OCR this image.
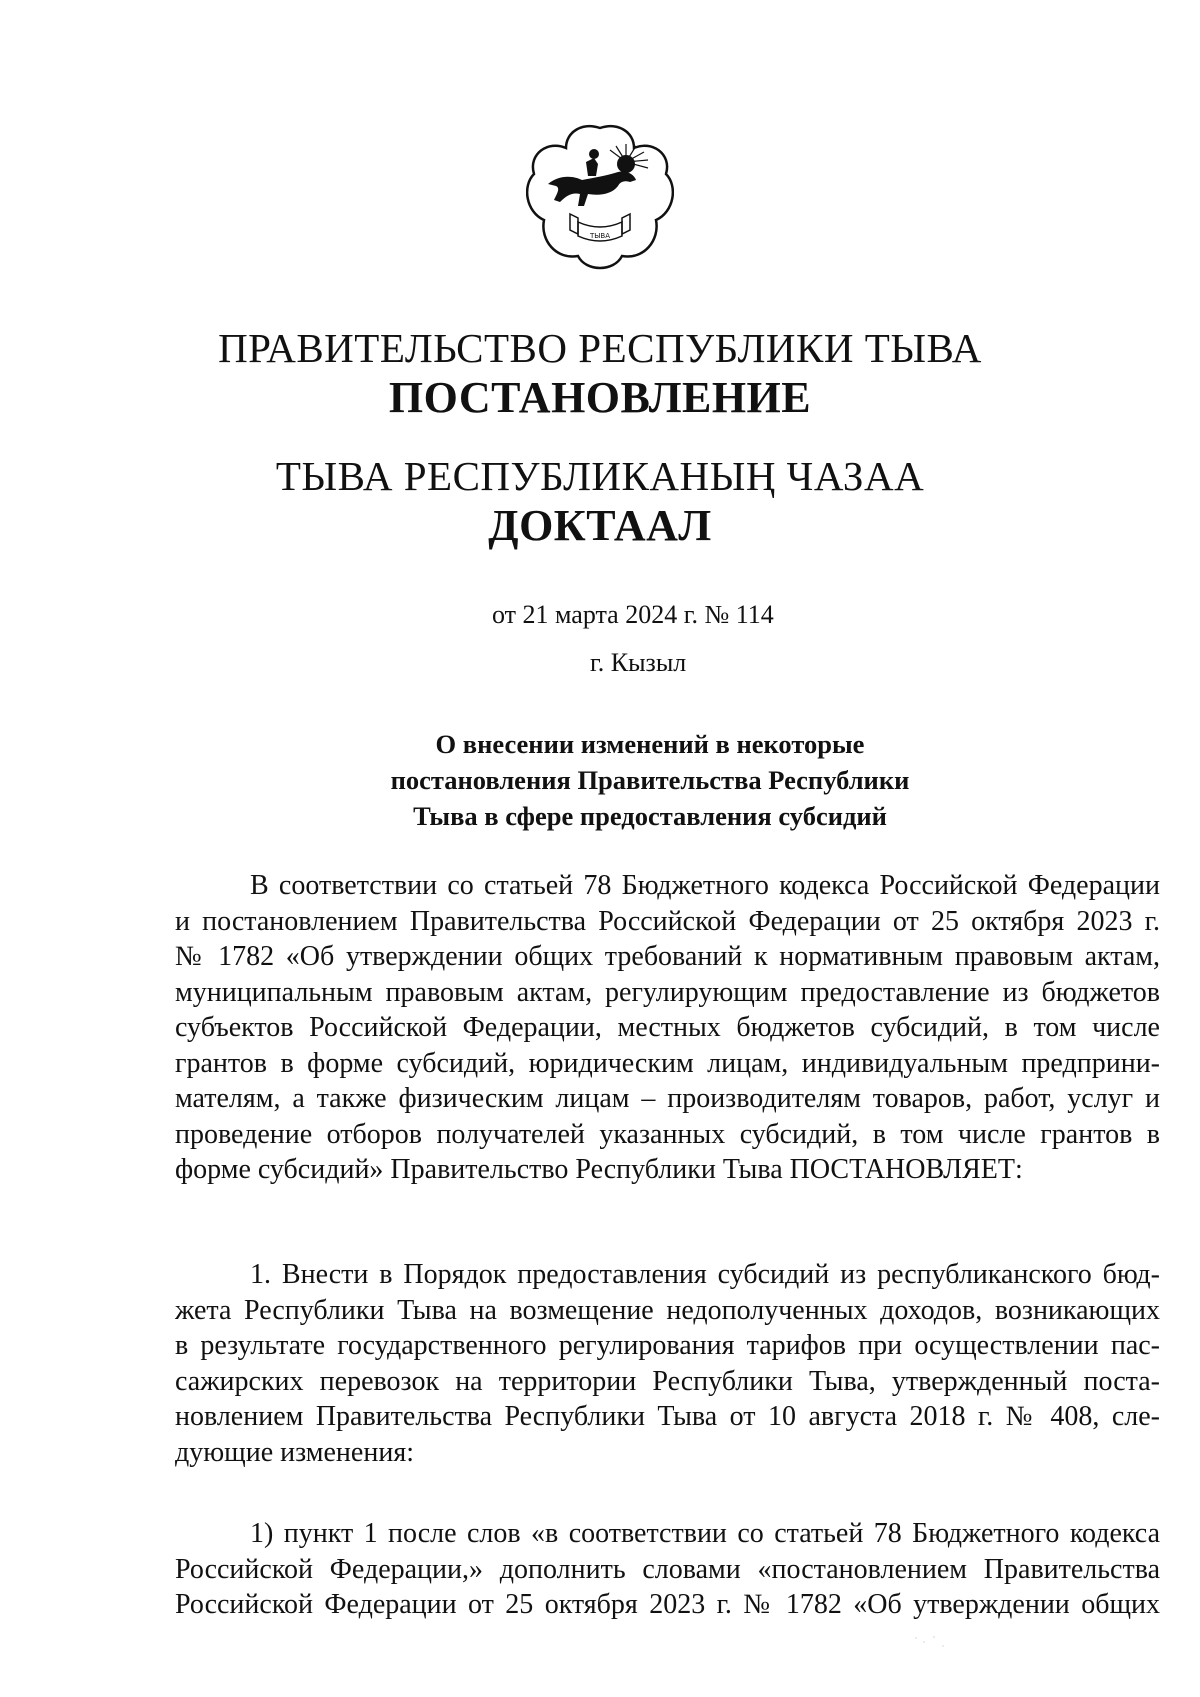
ТЫВА
ПРАВИТЕЛЬСТВО РЕСПУБЛИКИ ТЫВА
ПОСТАНОВЛЕНИЕ
ТЫВА РЕСПУБЛИКАНЫҢ ЧАЗАА
ДОКТААЛ
от 21 марта 2024 г. № 114
г. Кызыл
О внесении изменений в некоторые
постановления Правительства Республики
Тыва в сфере предоставления субсидий
В соответствии со статьей 78 Бюджетного кодекса Российской Федерации
и постановлением Правительства Российской Федерации от 25 октября 2023 г.
№ 1782 «Об утверждении общих требований к нормативным правовым актам,
муниципальным правовым актам, регулирующим предоставление из бюджетов
субъектов Российской Федерации, местных бюджетов субсидий, в том числе
грантов в форме субсидий, юридическим лицам, индивидуальным предприни-
мателям, а также физическим лицам – производителям товаров, работ, услуг и
проведение отборов получателей указанных субсидий, в том числе грантов в
форме субсидий» Правительство Республики Тыва ПОСТАНОВЛЯЕТ:
1. Внести в Порядок предоставления субсидий из республиканского бюд-
жета Республики Тыва на возмещение недополученных доходов, возникающих
в результате государственного регулирования тарифов при осуществлении пас-
сажирских перевозок на территории Республики Тыва, утвержденный поста-
новлением Правительства Республики Тыва от 10 августа 2018 г. № 408, сле-
дующие изменения:
1) пункт 1 после слов «в соответствии со статьей 78 Бюджетного кодекса
Российской Федерации,» дополнить словами «постановлением Правительства
Российской Федерации от 25 октября 2023 г. № 1782 «Об утверждении общих
